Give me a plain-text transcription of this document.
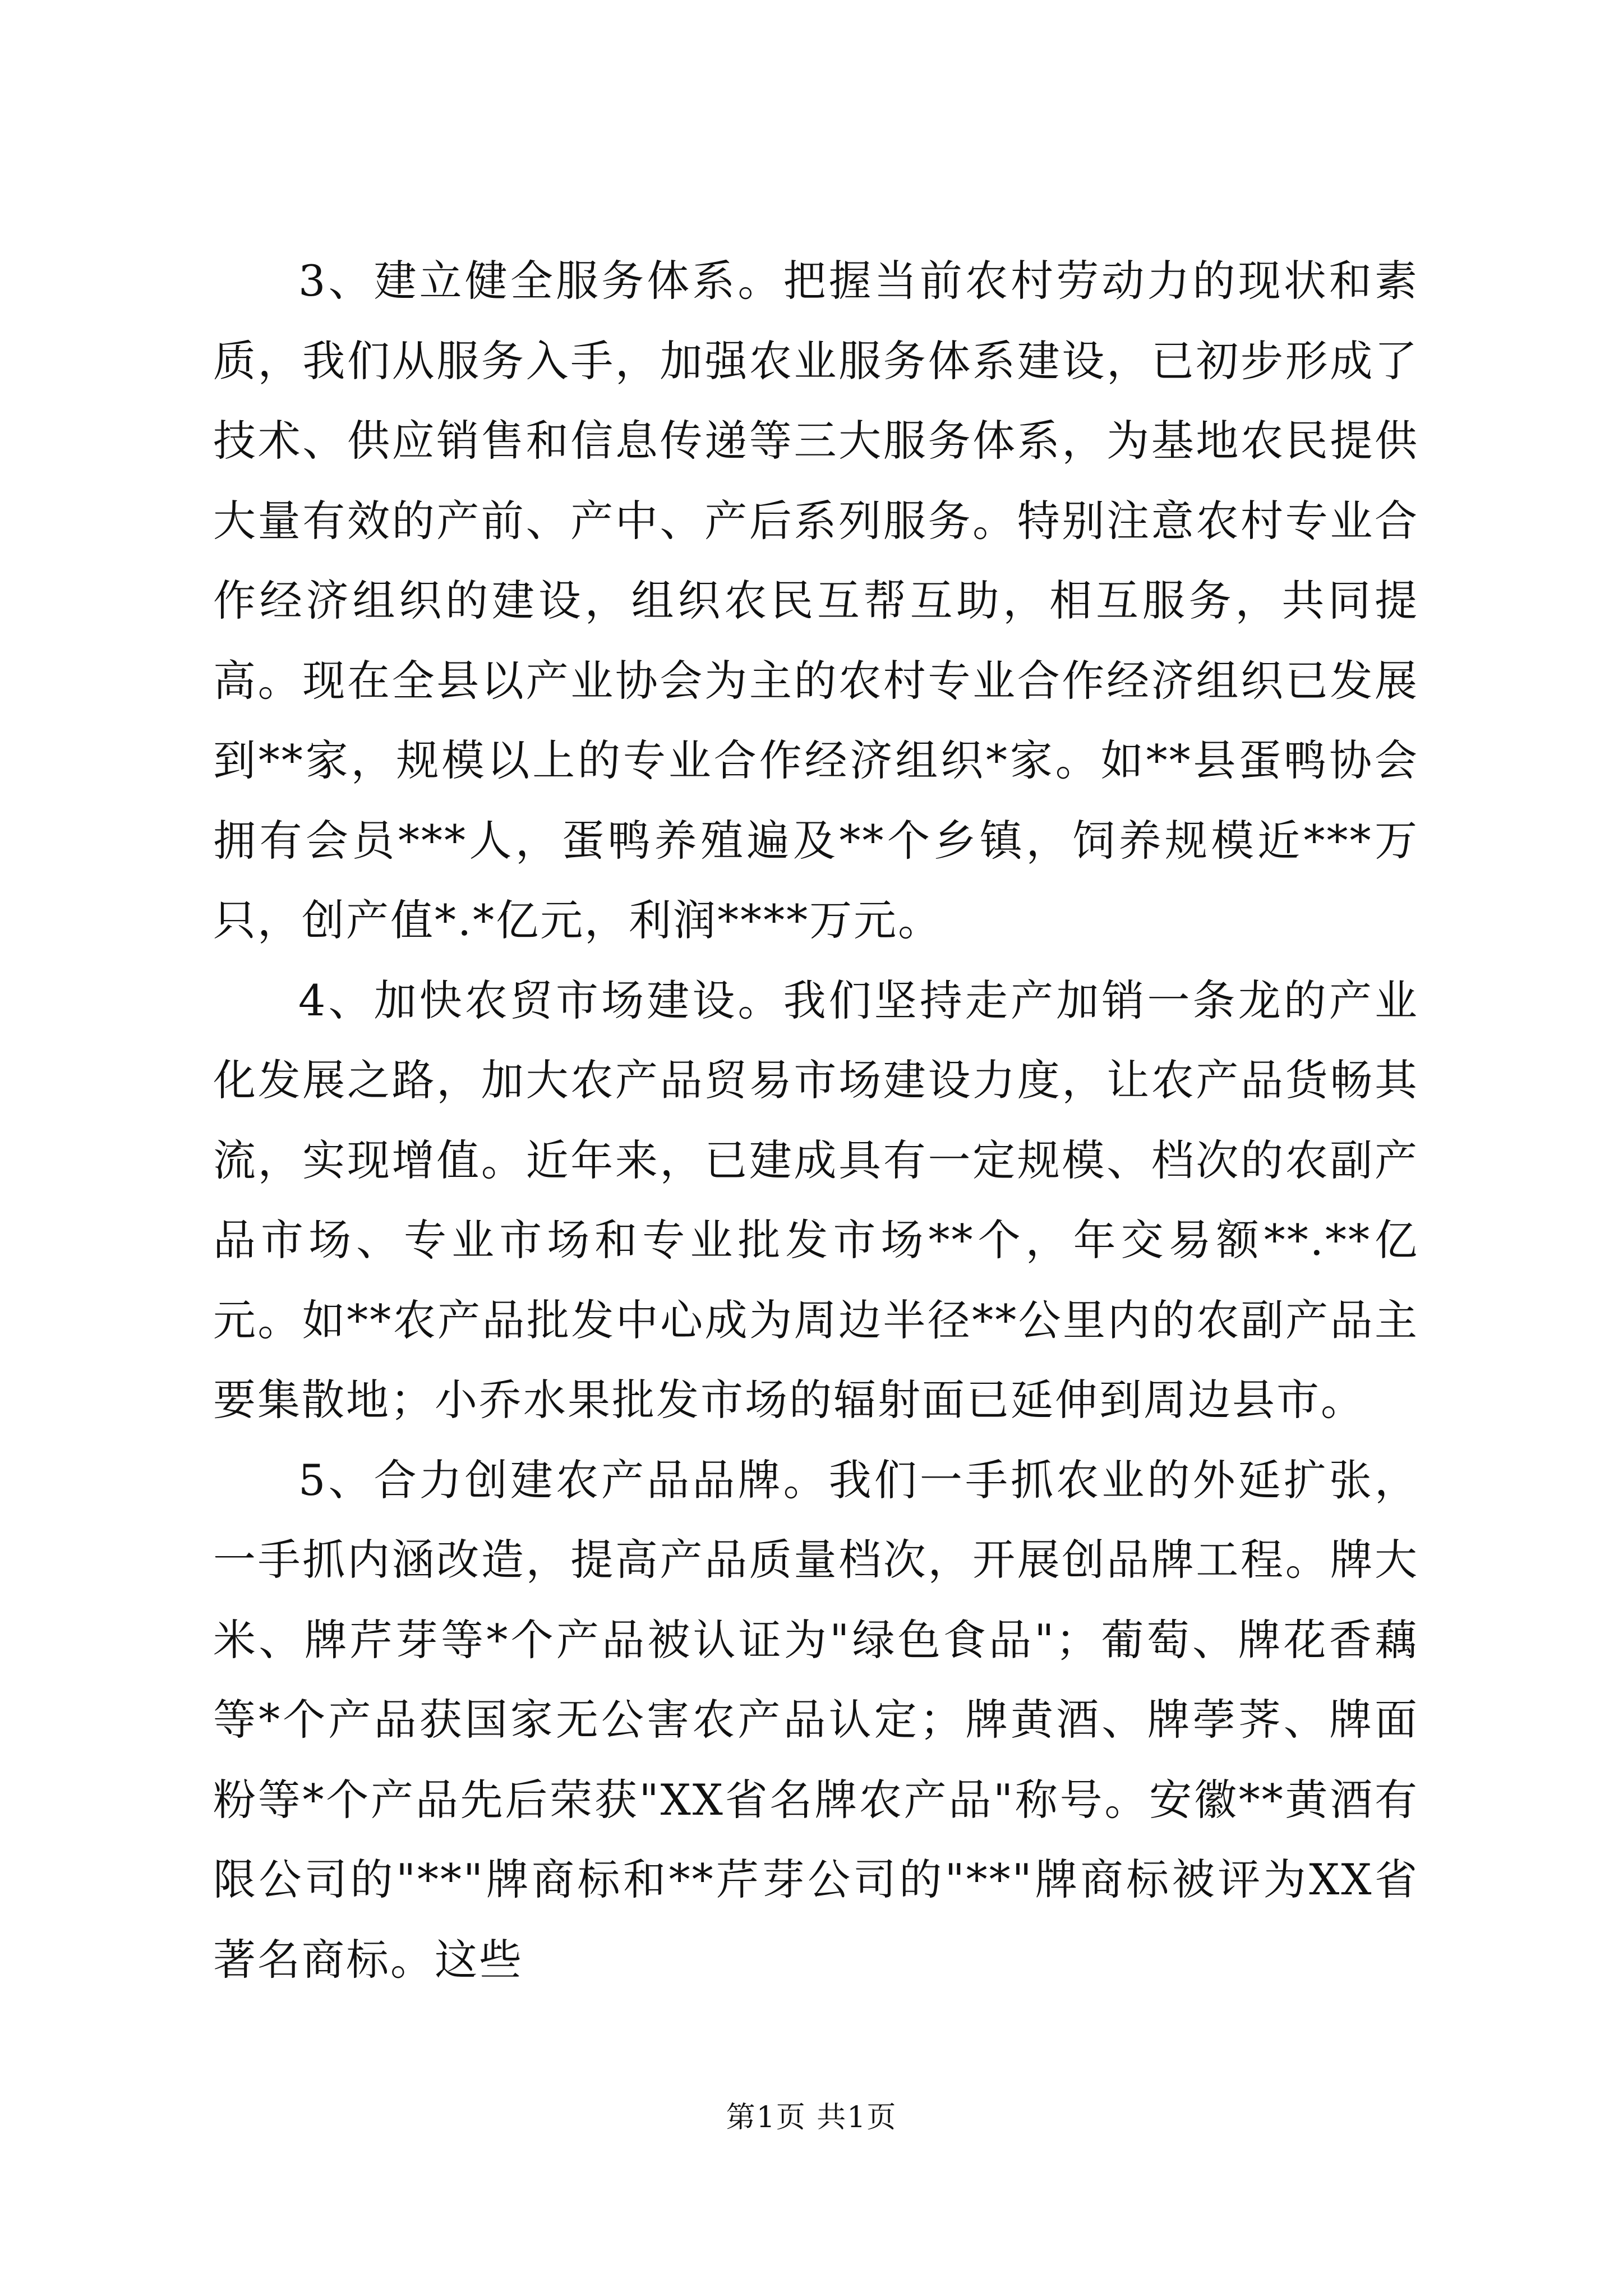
3、建立健全服务体系。把握当前农村劳动力的现状和素质，我们从服务入手，加强农业服务体系建设，已初步形成了技术、供应销售和信息传递等三大服务体系，为基地农民提供大量有效的产前、产中、产后系列服务。特别注意农村专业合作经济组织的建设，组织农民互帮互助，相互服务，共同提高。现在全县以产业协会为主的农村专业合作经济组织已发展到**家，规模以上的专业合作经济组织*家。如**县蛋鸭协会拥有会员***人，蛋鸭养殖遍及**个乡镇，饲养规模近***万只，创产值*.*亿元，利润****万元。

4、加快农贸市场建设。我们坚持走产加销一条龙的产业化发展之路，加大农产品贸易市场建设力度，让农产品货畅其流，实现增值。近年来，已建成具有一定规模、档次的农副产品市场、专业市场和专业批发市场**个，年交易额**.**亿元。如**农产品批发中心成为周边半径**公里内的农副产品主要集散地；小乔水果批发市场的辐射面已延伸到周边县市。

5、合力创建农产品品牌。我们一手抓农业的外延扩张，一手抓内涵改造，提高产品质量档次，开展创品牌工程。牌大米、牌芹芽等*个产品被认证为"绿色食品"；葡萄、牌花香藕等*个产品获国家无公害农产品认定；牌黄酒、牌荸荠、牌面粉等*个产品先后荣获"XX省名牌农产品"称号。安徽**黄酒有限公司的"**"牌商标和**芹芽公司的"**"牌商标被评为XX省著名商标。这些

第1页 共1页
